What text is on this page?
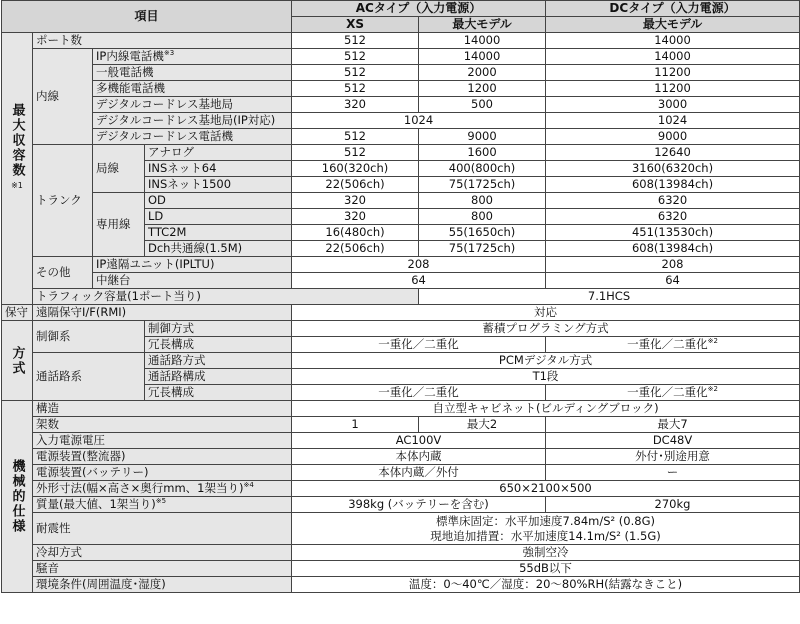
項目				ACタイプ（入力電源）		DCタイプ（入力電源）
				XS	最大モデル	最大モデル

最大収容数
※1	ポート数			512	14000	14000
	内線	IP内線電話機$^{※3}$		512	14000	14000
		一般電話機		512	2000	11200
		多機能電話機		512	1200	11200
		デジタルコードレス基地局		320	500	3000
		デジタルコードレス基地局(IP対応)		1024		1024
		デジタルコードレス電話機		512	9000	9000
	トランク	局線	アナログ	512	1600	12640
			INSネット64	160(320ch)	400(800ch)	3160(6320ch)
			INSネット1500	22(506ch)	75(1725ch)	608(13984ch)
		専用線	OD	320	800	6320
			LD	320	800	6320
			TTC2M	16(480ch)	55(1650ch)	451(13530ch)
			Dch共通線(1.5M)	22(506ch)	75(1725ch)	608(13984ch)
	その他	IP遠隔ユニット(IPLTU)		208		208
		中継台		64		64
	トラフィック容量(1ポート当り)				7.1HCS	
保守	遠隔保守I/F(RMI)			対応		
方式	制御系		制御方式	蓄積プログラミング方式		
			冗長構成	一重化／二重化		一重化／二重化$^{※2}$
	通話路系		通話路方式	PCMデジタル方式		
			通話路構成	T1段		
			冗長構成	一重化／二重化		一重化／二重化$^{※2}$
機械的仕様	構造			自立型キャビネット(ビルディングブロック)		
	架数			1	最大2	最大7
	入力電源電圧			AC100V		DC48V
	電源装置(整流器)			本体内蔵		外付･別途用意
	電源装置(バッテリー)			本体内蔵／外付		ー
	外形寸法(幅×高さ×奥行mm、1架当り)$^{※4}$			650×2100×500		
	質量(最大値、1架当り)$^{※5}$			398kg (バッテリーを含む)		270kg
	耐震性			標準床固定：水平加速度7.84m/S² (0.8G)
現地追加措置：水平加速度14.1m/S² (1.5G)		

	冷却方式			強制空冷		
	騒音			55dB以下		
	環境条件(周囲温度･湿度)			温度：0～40℃／湿度：20～80%RH(結露なきこと)		
